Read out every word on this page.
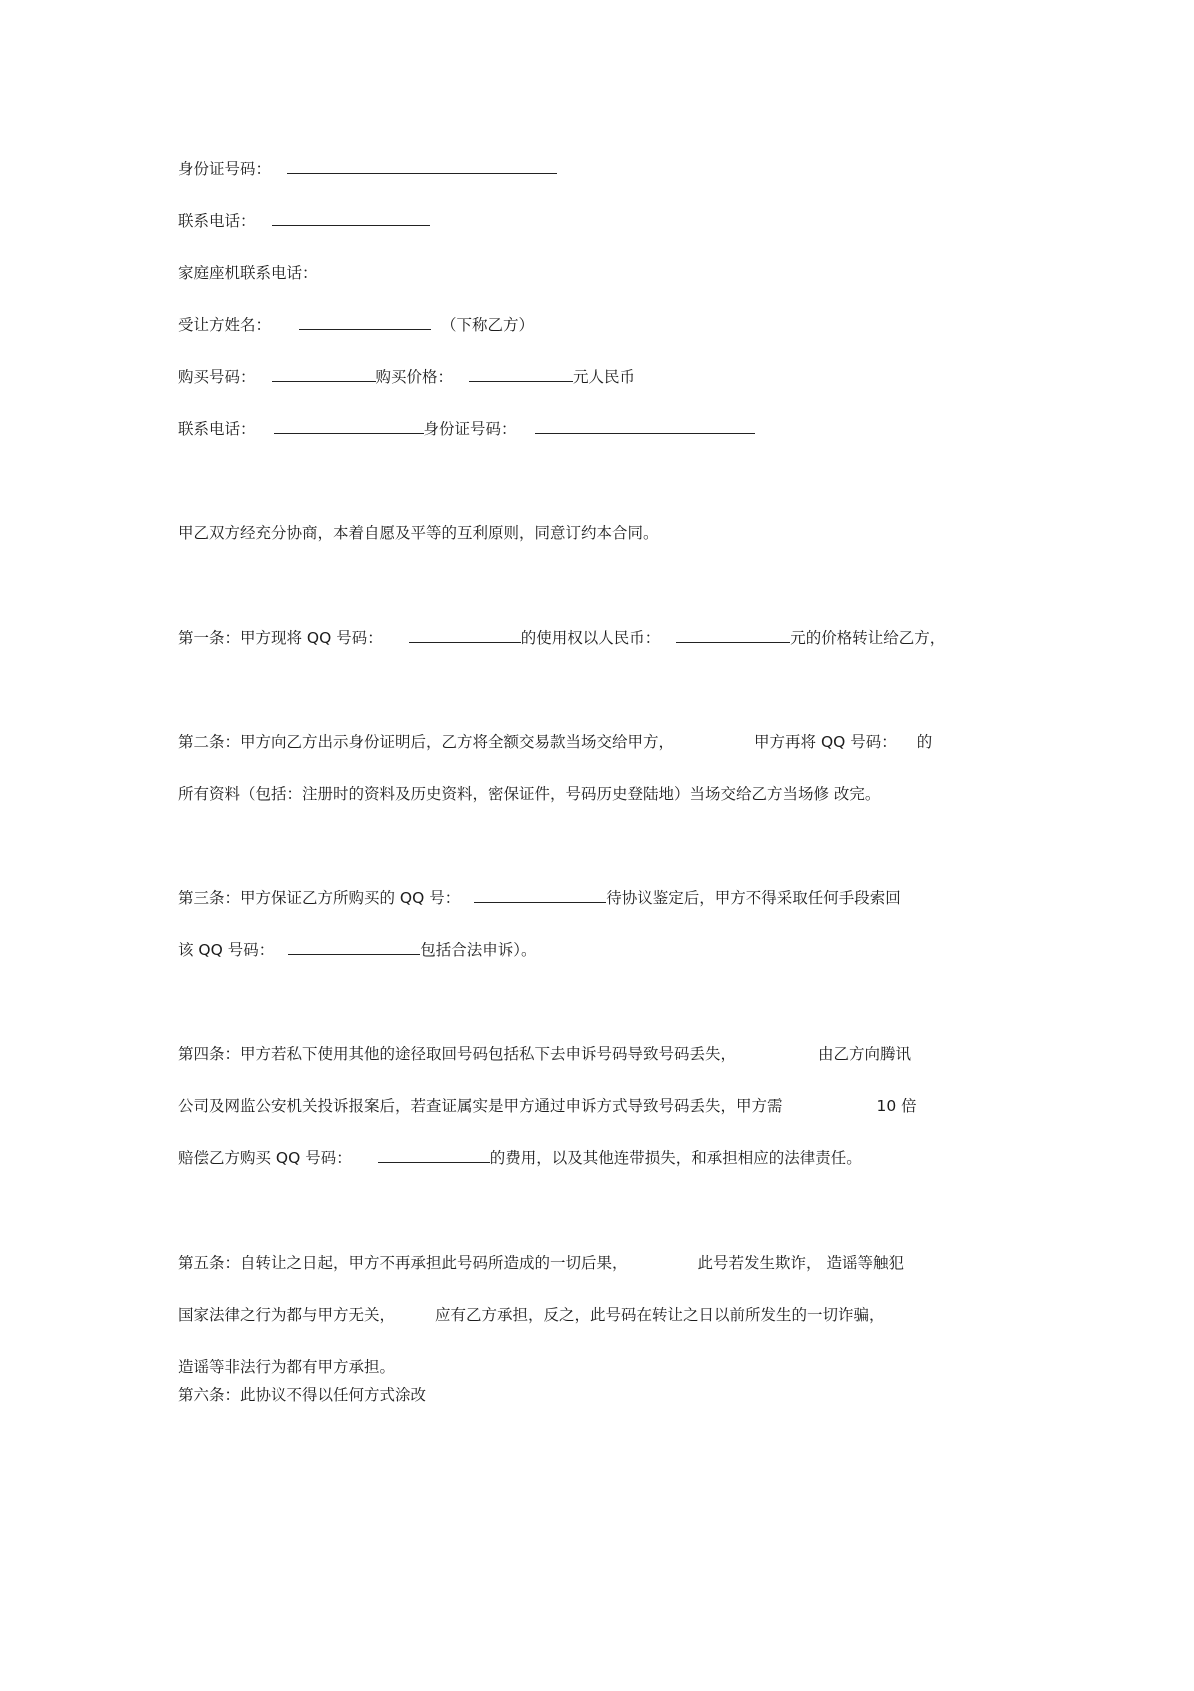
身份证号码：
联系电话：
家庭座机联系电话：
受让方姓名：	（下称乙方）
购买号码：	购买价格：	元人民币
联系电话：	身份证号码：
甲乙双方经充分协商，本着自愿及平等的互利原则，同意订约本合同。
第一条：甲方现将 QQ 号码：	的使用权以人民币：	元的价格转让给乙方，
第二条：甲方向乙方出示身份证明后，乙方将全额交易款当场交给甲方，	甲方再将 QQ 号码： 的
所有资料（包括：注册时的资料及历史资料，密保证件，号码历史登陆地）当场交给乙方当场修 改完。
第三条：甲方保证乙方所购买的 QQ 号：	待协议鉴定后，甲方不得采取任何手段索回
该 QQ 号码：	包括合法申诉）。
第四条：甲方若私下使用其他的途径取回号码包括私下去申诉号码导致号码丢失，	由乙方向腾讯
公司及网监公安机关投诉报案后，若查证属实是甲方通过申诉方式导致号码丢失，甲方需	10 倍
赔偿乙方购买 QQ 号码：	的费用，以及其他连带损失，和承担相应的法律责任。
第五条：自转让之日起，甲方不再承担此号码所造成的一切后果，	此号若发生欺诈， 造谣等触犯
国家法律之行为都与甲方无关，	应有乙方承担，反之，此号码在转让之日以前所发生的一切诈骗，
造谣等非法行为都有甲方承担。
第六条：此协议不得以任何方式涂改
